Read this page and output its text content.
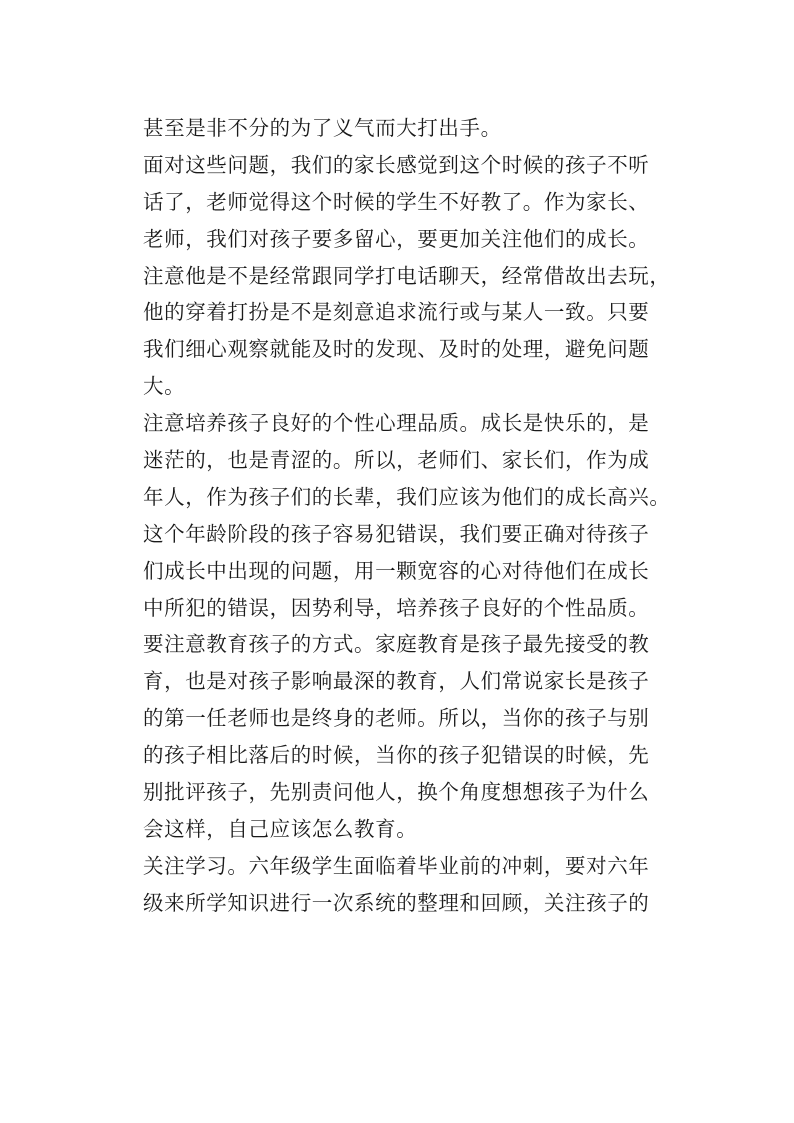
甚至是非不分的为了义气而大打出手。
面对这些问题，我们的家长感觉到这个时候的孩子不听
话了，老师觉得这个时候的学生不好教了。作为家长、
老师，我们对孩子要多留心，要更加关注他们的成长。
注意他是不是经常跟同学打电话聊天，经常借故出去玩，
他的穿着打扮是不是刻意追求流行或与某人一致。只要
我们细心观察就能及时的发现、及时的处理，避免问题
大。
注意培养孩子良好的个性心理品质。成长是快乐的，是
迷茫的，也是青涩的。所以，老师们、家长们，作为成
年人，作为孩子们的长辈，我们应该为他们的成长高兴。
这个年龄阶段的孩子容易犯错误，我们要正确对待孩子
们成长中出现的问题，用一颗宽容的心对待他们在成长
中所犯的错误，因势利导，培养孩子良好的个性品质。
要注意教育孩子的方式。家庭教育是孩子最先接受的教
育，也是对孩子影响最深的教育，人们常说家长是孩子
的第一任老师也是终身的老师。所以，当你的孩子与别
的孩子相比落后的时候，当你的孩子犯错误的时候，先
别批评孩子，先别责问他人，换个角度想想孩子为什么
会这样，自己应该怎么教育。
关注学习。六年级学生面临着毕业前的冲刺，要对六年
级来所学知识进行一次系统的整理和回顾，关注孩子的
